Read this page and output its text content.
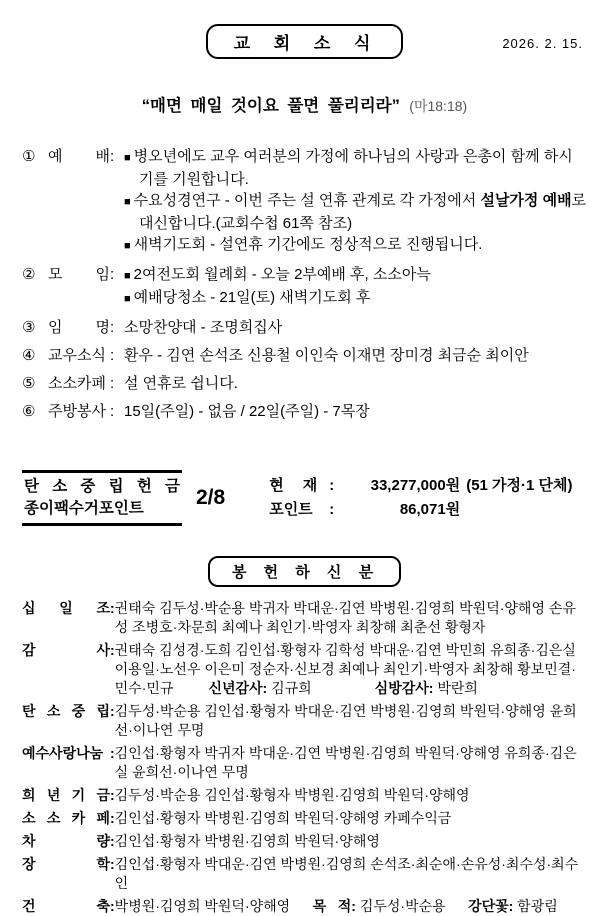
교 회 소 식	2026. 2. 15.
“매면 매일 것이요 풀면 풀리리라” (마18:18)
① 예 배 : ■ 병오년에도 교우 여러분의 가정에 하나님의 사랑과 은총이 함께 하시기를 기원합니다.
■ 수요성경연구 - 이번 주는 설 연휴 관계로 각 가정에서 설날가정 예배로 대신합니다.(교회수첩 61쪽 참조)
■ 새벽기도회 - 설연휴 기간에도 정상적으로 진행됩니다.
② 모 임 : ■ 2여전도회 월례회 - 오늘 2부예배 후, 소소아늑
■ 예배당청소 - 21일(토) 새벽기도회 후
③ 임 명 : 소망찬양대 - 조명희집사
④ 교우소식 : 환우 - 김연 손석조 신용철 이인숙 이재면 장미경 최금순 최이안
⑤ 소소카페 : 설 연휴로 쉽니다.
⑥ 주방봉사 : 15일(주일) - 없음 / 22일(주일) - 7목장
탄 소 중 립 헌 금
종이팩수거포인트	2/8
현 재 : 33,277,000원 (51 가정·1 단체)
포인트 :	86,071원
봉 헌 하 신 분
십 일 조 : 권태숙 김두성·박순용 박귀자 박대운·김연 박병원·김영희 박원덕·양해영 손유성 조병호·차문희 최예나 최인기·박영자 최창해 최춘선 황형자
감 사 : 권태숙 김성경·도희 김인섭·황형자 김학성 박대운·김연 박민희 유희종·김은실 이용일·노선우 이은미 정순자·신보경 최예나 최인기·박영자 최창해 황보민결·민수·민규	신년감사: 김규희	심방감사: 박란희
탄 소 중 립 : 김두성·박순용 김인섭·황형자 박대운·김연 박병원·김영희 박원덕·양해영 윤희선·이나연 무명
예수사랑나눔 : 김인섭·황형자 박귀자 박대운·김연 박병원·김영희 박원덕·양해영 유희종·김은실 윤희선·이나연 무명
희 년 기 금 : 김두성·박순용 김인섭·황형자 박병원·김영희 박원덕·양해영
소 소 카 페 : 김인섭·황형자 박병원·김영희 박원덕·양해영 카페수익금
차 량 : 김인섭·황형자 박병원·김영희 박원덕·양해영
장 학 : 김인섭·황형자 박대운·김연 박병원·김영희 손석조·최순애·손유성·최수성·최수인
건 축 : 박병원·김영희 박원덕·양해영 목   적: 김두성·박순용 강단꽃: 함광림
